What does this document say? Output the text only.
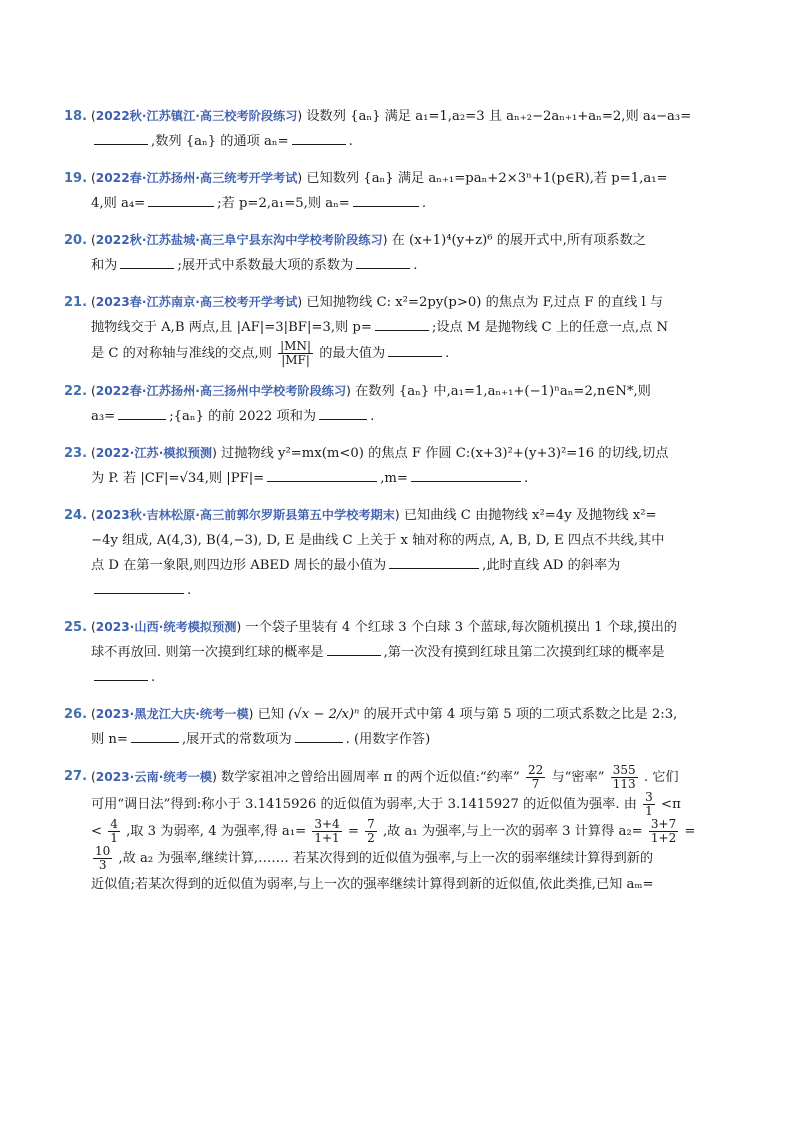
18. (2022秋·江苏镇江·高三校考阶段练习) 设数列 {aₙ} 满足 a₁=1,a₂=3 且 aₙ₊₂−2aₙ₊₁+aₙ=2,则 a₄−a₃=
,数列 {aₙ} 的通项 aₙ=	.
19. (2022春·江苏扬州·高三统考开学考试) 已知数列 {aₙ} 满足 aₙ₊₁=paₙ+2×3ⁿ+1(p∈R),若 p=1,a₁=
4,则 a₄=	;若 p=2,a₁=5,则 aₙ=	.
20. (2022秋·江苏盐城·高三阜宁县东沟中学校考阶段练习) 在 (x+1)⁴(y+z)⁶ 的展开式中,所有项系数之
和为	;展开式中系数最大项的系数为	.
21. (2023春·江苏南京·高三校考开学考试) 已知抛物线 C: x²=2py(p>0) 的焦点为 F,过点 F 的直线 l 与
抛物线交于 A,B 两点,且 |AF|=3|BF|=3,则 p=	;设点 M 是抛物线 C 上的任意一点,点 N
是 C 的对称轴与准线的交点,则 $\frac{|MN|}{|MF|}$ 的最大值为	.
22. (2022春·江苏扬州·高三扬州中学校考阶段练习) 在数列 {aₙ} 中,a₁=1,aₙ₊₁+(−1)ⁿaₙ=2,n∈N*,则
a₃=	;{aₙ} 的前 2022 项和为	.
23. (2022·江苏·模拟预测) 过抛物线 y²=mx(m<0) 的焦点 F 作圆 C:(x+3)²+(y+3)²=16 的切线,切点
为 P. 若 |CF|=√34,则 |PF|=	,m=	.
24. (2023秋·吉林松原·高三前郭尔罗斯县第五中学校考期末) 已知曲线 C 由抛物线 x²=4y 及抛物线 x²=
−4y 组成, A(4,3), B(4,−3), D, E 是曲线 C 上关于 x 轴对称的两点, A, B, D, E 四点不共线,其中
点 D 在第一象限,则四边形 ABED 周长的最小值为	,此时直线 AD 的斜率为
.
25. (2023·山西·统考模拟预测) 一个袋子里装有 4 个红球 3 个白球 3 个蓝球,每次随机摸出 1 个球,摸出的
球不再放回. 则第一次摸到红球的概率是	,第一次没有摸到红球且第二次摸到红球的概率是
.
26. (2023·黑龙江大庆·统考一模) 已知 (√x − 2/x)ⁿ 的展开式中第 4 项与第 5 项的二项式系数之比是 2:3,
则 n=	,展开式的常数项为	. (用数字作答)
27. (2023·云南·统考一模) 数学家祖冲之曾给出圆周率 π 的两个近似值:“约率” $\frac{22}{7}$ 与“密率” $\frac{355}{113}$ . 它们
可用“调日法”得到:称小于 3.1415926 的近似值为弱率,大于 3.1415927 的近似值为强率. 由 $\frac{3}{1} <\pi$
< $\frac{4}{1}$ ,取 3 为弱率, 4 为强率,得 $a_1= \frac{3+4}{1+1} = \frac{7}{2}$ ,故 a₁ 为强率,与上一次的弱率 3 计算得 $a_2= \frac{3+7}{1+2}$ =

$\frac{10}{3}$ ,故 a₂ 为强率,继续计算,……. 若某次得到的近似值为强率,与上一次的弱率继续计算得到新的
近似值;若某次得到的近似值为弱率,与上一次的强率继续计算得到新的近似值,依此类推,已知 aₘ=
